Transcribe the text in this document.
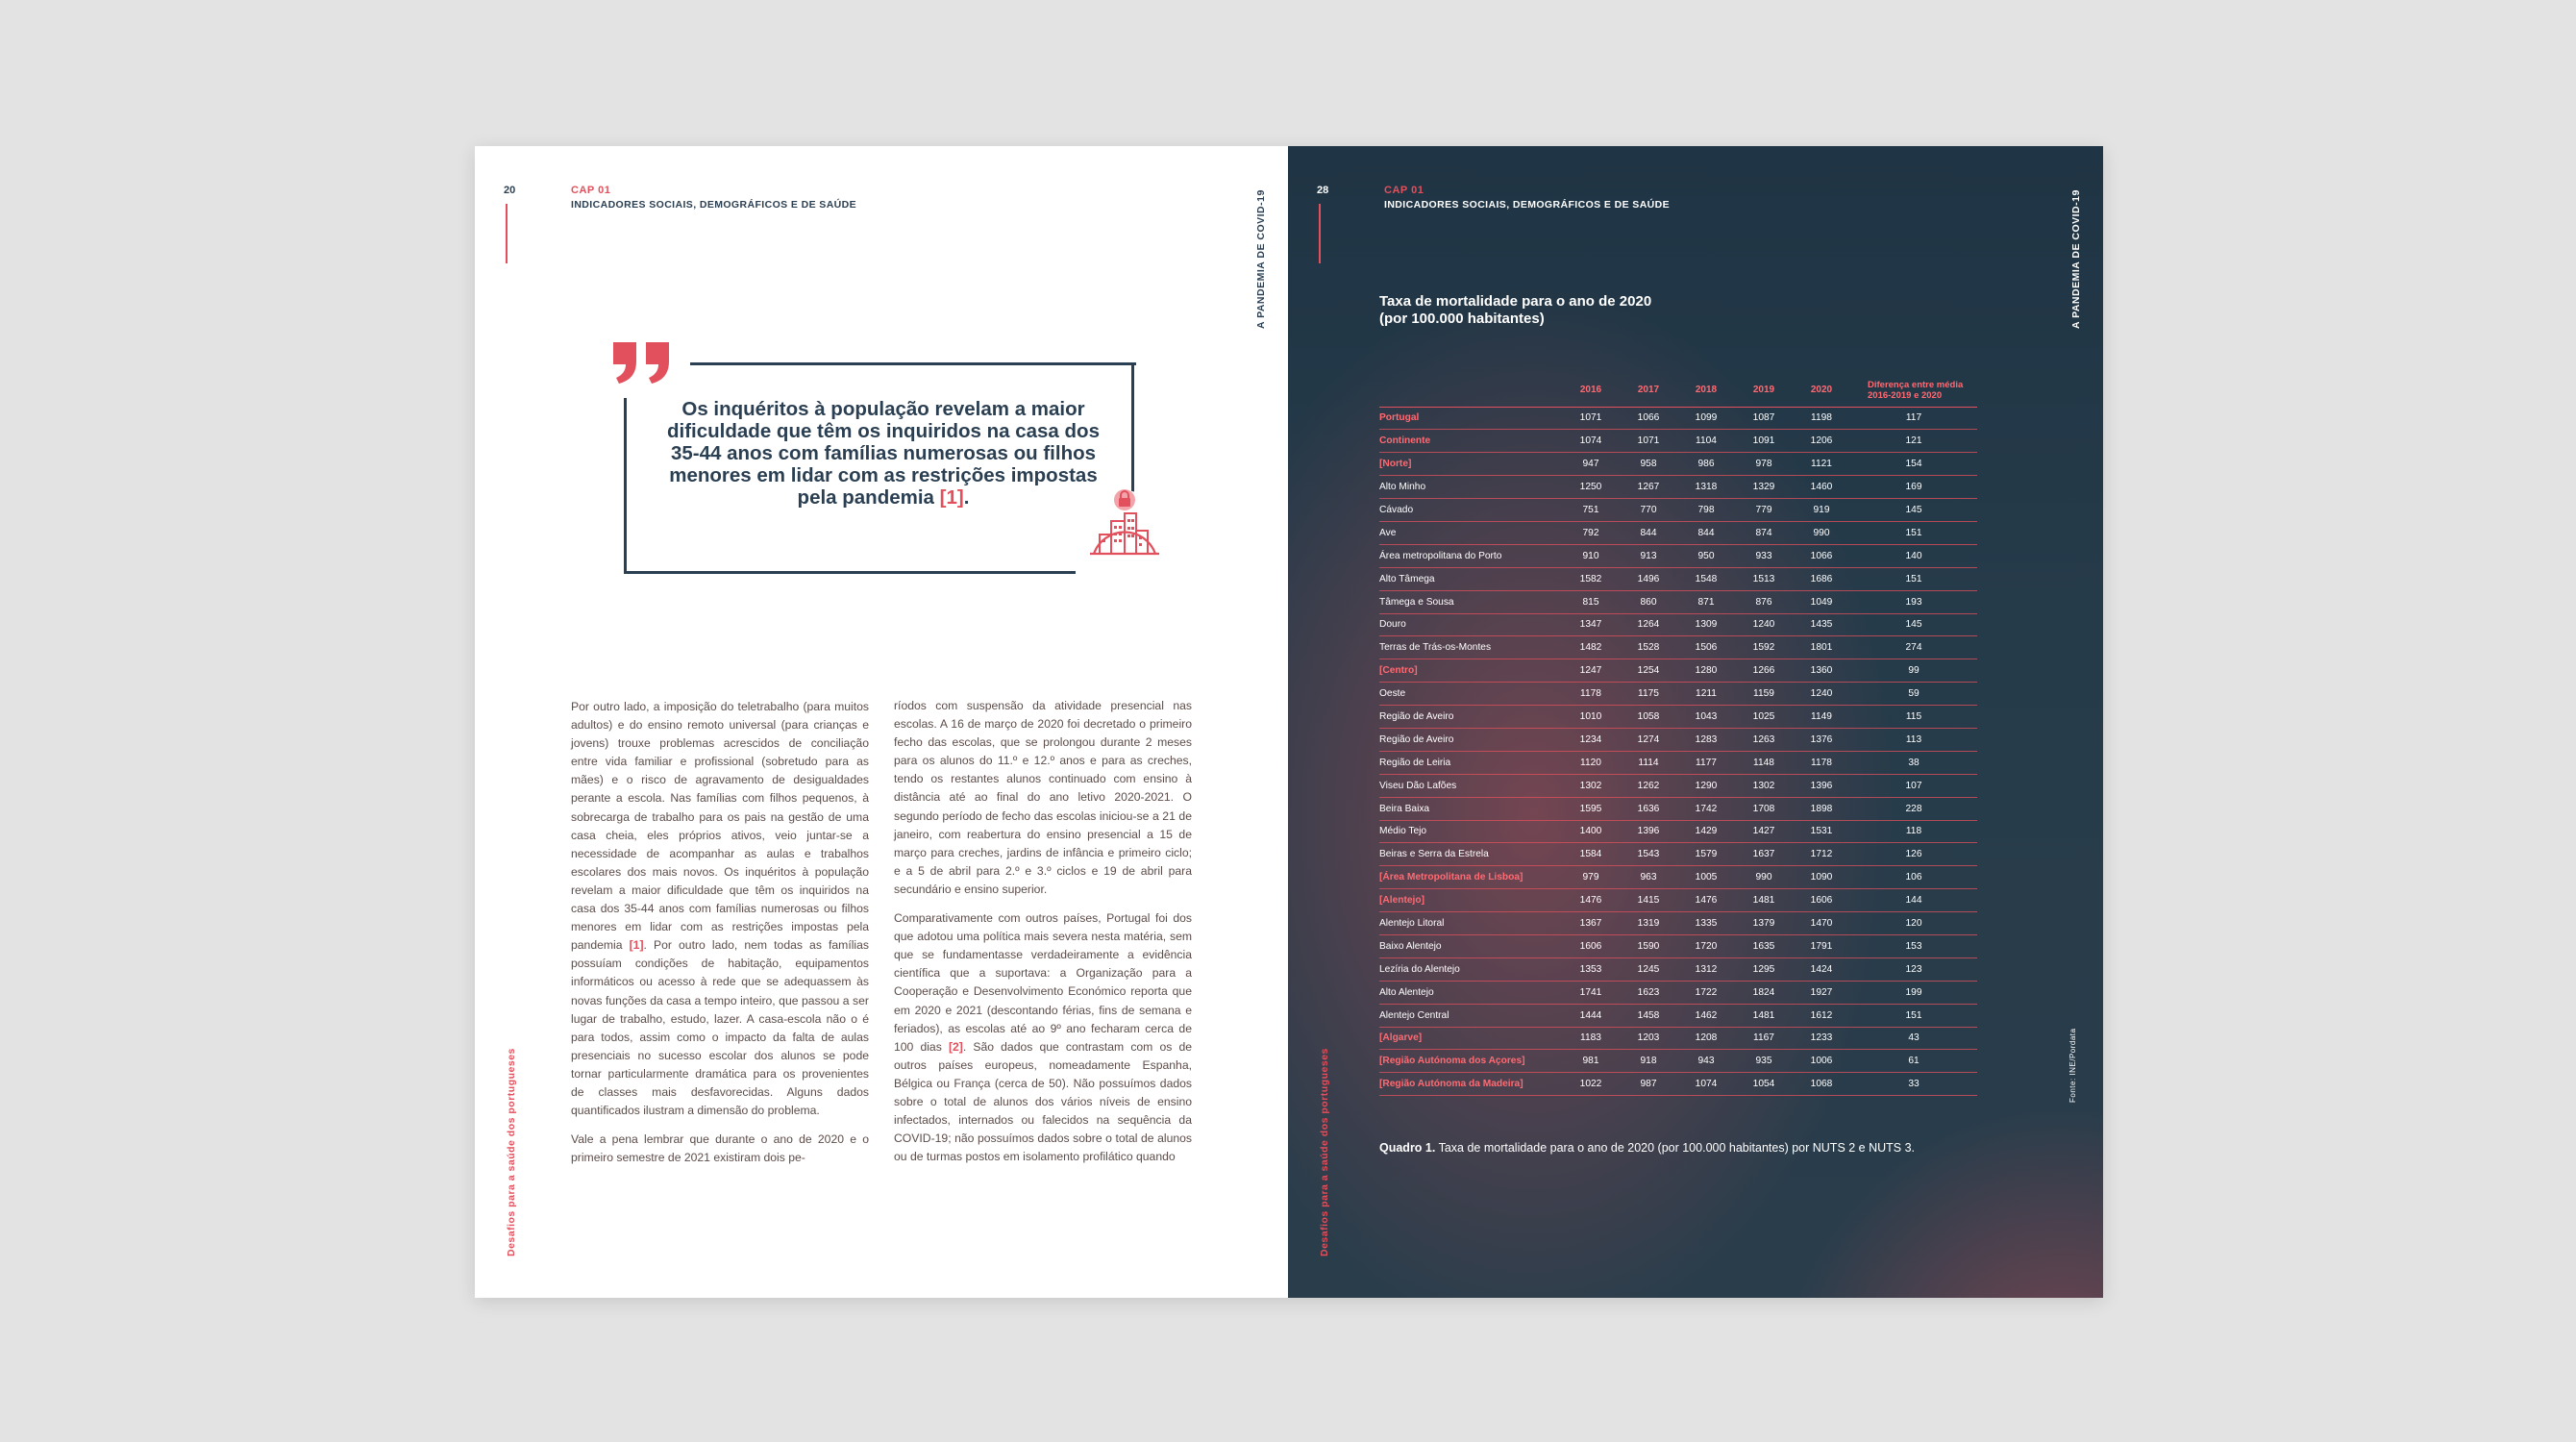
20	CAP 01
INDICADORES SOCIAIS, DEMOGRÁFICOS E DE SAÚDE	A PANDEMIA DE COVID-19
Desafios para a saúde dos portugueses
Os inquéritos à população revelam a maior dificuldade que têm os inquiridos na casa dos 35-44 anos com famílias numerosas ou filhos menores em lidar com as restrições impostas pela pandemia [1].

Por outro lado, a imposição do teletrabalho (para muitos adultos) e do ensino remoto universal (para crianças e jovens) trouxe problemas acrescidos de conciliação entre vida familiar e profissional (sobretudo para as mães) e o risco de agravamento de desigualdades perante a escola. Nas famílias com filhos pequenos, à sobrecarga de trabalho para os pais na gestão de uma casa cheia, eles próprios ativos, veio juntar-se a necessidade de acompanhar as aulas e trabalhos escolares dos mais novos. Os inquéritos à população revelam a maior dificuldade que têm os inquiridos na casa dos 35-44 anos com famílias numerosas ou filhos menores em lidar com as restrições impostas pela pandemia [1]. Por outro lado, nem todas as famílias possuíam condições de habitação, equipamentos informáticos ou acesso à rede que se adequassem às novas funções da casa a tempo inteiro, que passou a ser lugar de trabalho, estudo, lazer. A casa-escola não o é para todos, assim como o impacto da falta de aulas presenciais no sucesso escolar dos alunos se pode tornar particularmente dramática para os provenientes de classes mais desfavorecidas. Alguns dados quantificados ilustram a dimensão do problema.

Vale a pena lembrar que durante o ano de 2020 e o primeiro semestre de 2021 existiram dois pe-

ríodos com suspensão da atividade presencial nas escolas. A 16 de março de 2020 foi decretado o primeiro fecho das escolas, que se prolongou durante 2 meses para os alunos do 11.º e 12.º anos e para as creches, tendo os restantes alunos continuado com ensino à distância até ao final do ano letivo 2020-2021. O segundo período de fecho das escolas iniciou-se a 21 de janeiro, com reabertura do ensino presencial a 15 de março para creches, jardins de infância e primeiro ciclo; e a 5 de abril para 2.º e 3.º ciclos e 19 de abril para secundário e ensino superior.

Comparativamente com outros países, Portugal foi dos que adotou uma política mais severa nesta matéria, sem que se fundamentasse verdadeiramente a evidência científica que a suportava: a Organização para a Cooperação e Desenvolvimento Económico reporta que em 2020 e 2021 (descontando férias, fins de semana e feriados), as escolas até ao 9º ano fecharam cerca de 100 dias [2]. São dados que contrastam com os de outros países europeus, nomeadamente Espanha, Bélgica ou França (cerca de 50). Não possuímos dados sobre o total de alunos dos vários níveis de ensino infectados, internados ou falecidos na sequência da COVID-19; não possuímos dados sobre o total de alunos ou de turmas postos em isolamento profilático quando

28	CAP 01
INDICADORES SOCIAIS, DEMOGRÁFICOS E DE SAÚDE	A PANDEMIA DE COVID-19
Desafios para a saúde dos portugueses	Fonte: INE/Pordata
Taxa de mortalidade para o ano de 2020
(por 100.000 habitantes)
	2016	2017	2018	2019	2020	Diferença entre média 2016-2019 e 2020
Portugal	1071	1066	1099	1087	1198	117
Continente	1074	1071	1104	1091	1206	121
[Norte]	947	958	986	978	1121	154
Alto Minho	1250	1267	1318	1329	1460	169
Cávado	751	770	798	779	919	145
Ave	792	844	844	874	990	151
Área metropolitana do Porto	910	913	950	933	1066	140
Alto Tâmega	1582	1496	1548	1513	1686	151
Tâmega e Sousa	815	860	871	876	1049	193
Douro	1347	1264	1309	1240	1435	145
Terras de Trás-os-Montes	1482	1528	1506	1592	1801	274
[Centro]	1247	1254	1280	1266	1360	99
Oeste	1178	1175	1211	1159	1240	59
Região de Aveiro	1010	1058	1043	1025	1149	115
Região de Aveiro	1234	1274	1283	1263	1376	113
Região de Leiria	1120	1114	1177	1148	1178	38
Viseu Dão Lafões	1302	1262	1290	1302	1396	107
Beira Baixa	1595	1636	1742	1708	1898	228
Médio Tejo	1400	1396	1429	1427	1531	118
Beiras e Serra da Estrela	1584	1543	1579	1637	1712	126
[Área Metropolitana de Lisboa]	979	963	1005	990	1090	106
[Alentejo]	1476	1415	1476	1481	1606	144
Alentejo Litoral	1367	1319	1335	1379	1470	120
Baixo Alentejo	1606	1590	1720	1635	1791	153
Lezíria do Alentejo	1353	1245	1312	1295	1424	123
Alto Alentejo	1741	1623	1722	1824	1927	199
Alentejo Central	1444	1458	1462	1481	1612	151
[Algarve]	1183	1203	1208	1167	1233	43
[Região Autónoma dos Açores]	981	918	943	935	1006	61
[Região Autónoma da Madeira]	1022	987	1074	1054	1068	33
Quadro 1. Taxa de mortalidade para o ano de 2020 (por 100.000 habitantes) por NUTS 2 e NUTS 3.
